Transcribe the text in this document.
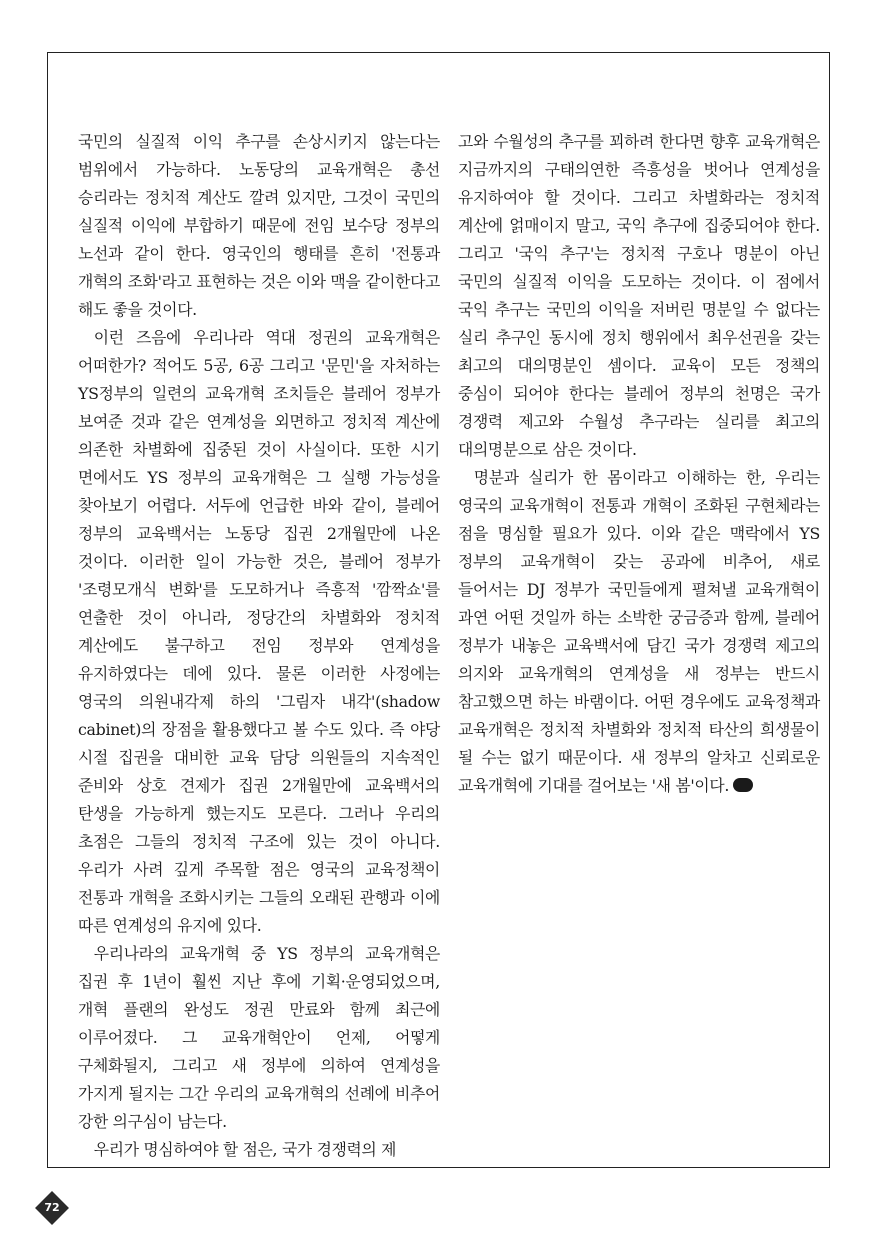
국민의 실질적 이익 추구를 손상시키지 않는다는 범위에서 가능하다. 노동당의 교육개혁은 총선 승리라는 정치적 계산도 깔려 있지만, 그것이 국민의 실질적 이익에 부합하기 때문에 전임 보수당 정부의 노선과 같이 한다. 영국인의 행태를 흔히 '전통과 개혁의 조화'라고 표현하는 것은 이와 맥을 같이한다고 해도 좋을 것이다.

이런 즈음에 우리나라 역대 정권의 교육개혁은 어떠한가? 적어도 5공, 6공 그리고 '문민'을 자처하는 YS정부의 일련의 교육개혁 조치들은 블레어 정부가 보여준 것과 같은 연계성을 외면하고 정치적 계산에 의존한 차별화에 집중된 것이 사실이다. 또한 시기 면에서도 YS 정부의 교육개혁은 그 실행 가능성을 찾아보기 어렵다. 서두에 언급한 바와 같이, 블레어 정부의 교육백서는 노동당 집권 2개월만에 나온 것이다. 이러한 일이 가능한 것은, 블레어 정부가 '조령모개식 변화'를 도모하거나 즉흥적 '깜짝쇼'를 연출한 것이 아니라, 정당간의 차별화와 정치적 계산에도 불구하고 전임 정부와 연계성을 유지하였다는 데에 있다. 물론 이러한 사정에는 영국의 의원내각제 하의 '그림자 내각'(shadow cabinet)의 장점을 활용했다고 볼 수도 있다. 즉 야당 시절 집권을 대비한 교육 담당 의원들의 지속적인 준비와 상호 견제가 집권 2개월만에 교육백서의 탄생을 가능하게 했는지도 모른다. 그러나 우리의 초점은 그들의 정치적 구조에 있는 것이 아니다. 우리가 사려 깊게 주목할 점은 영국의 교육정책이 전통과 개혁을 조화시키는 그들의 오래된 관행과 이에 따른 연계성의 유지에 있다.

우리나라의 교육개혁 중 YS 정부의 교육개혁은 집권 후 1년이 훨씬 지난 후에 기획·운영되었으며, 개혁 플랜의 완성도 정권 만료와 함께 최근에 이루어졌다. 그 교육개혁안이 언제, 어떻게 구체화될지, 그리고 새 정부에 의하여 연계성을 가지게 될지는 그간 우리의 교육개혁의 선례에 비추어 강한 의구심이 남는다.

우리가 명심하여야 할 점은, 국가 경쟁력의 제

고와 수월성의 추구를 꾀하려 한다면 향후 교육개혁은 지금까지의 구태의연한 즉흥성을 벗어나 연계성을 유지하여야 할 것이다. 그리고 차별화라는 정치적 계산에 얽매이지 말고, 국익 추구에 집중되어야 한다. 그리고 '국익 추구'는 정치적 구호나 명분이 아닌 국민의 실질적 이익을 도모하는 것이다. 이 점에서 국익 추구는 국민의 이익을 저버린 명분일 수 없다는 실리 추구인 동시에 정치 행위에서 최우선권을 갖는 최고의 대의명분인 셈이다. 교육이 모든 정책의 중심이 되어야 한다는 블레어 정부의 천명은 국가 경쟁력 제고와 수월성 추구라는 실리를 최고의 대의명분으로 삼은 것이다.

명분과 실리가 한 몸이라고 이해하는 한, 우리는 영국의 교육개혁이 전통과 개혁이 조화된 구현체라는 점을 명심할 필요가 있다. 이와 같은 맥락에서 YS 정부의 교육개혁이 갖는 공과에 비추어, 새로 들어서는 DJ 정부가 국민들에게 펼쳐낼 교육개혁이 과연 어떤 것일까 하는 소박한 궁금증과 함께, 블레어 정부가 내놓은 교육백서에 담긴 국가 경쟁력 제고의 의지와 교육개혁의 연계성을 새 정부는 반드시 참고했으면 하는 바램이다. 어떤 경우에도 교육정책과 교육개혁은 정치적 차별화와 정치적 타산의 희생물이 될 수는 없기 때문이다. 새 정부의 알차고 신뢰로운 교육개혁에 기대를 걸어보는 '새 봄'이다.

72
